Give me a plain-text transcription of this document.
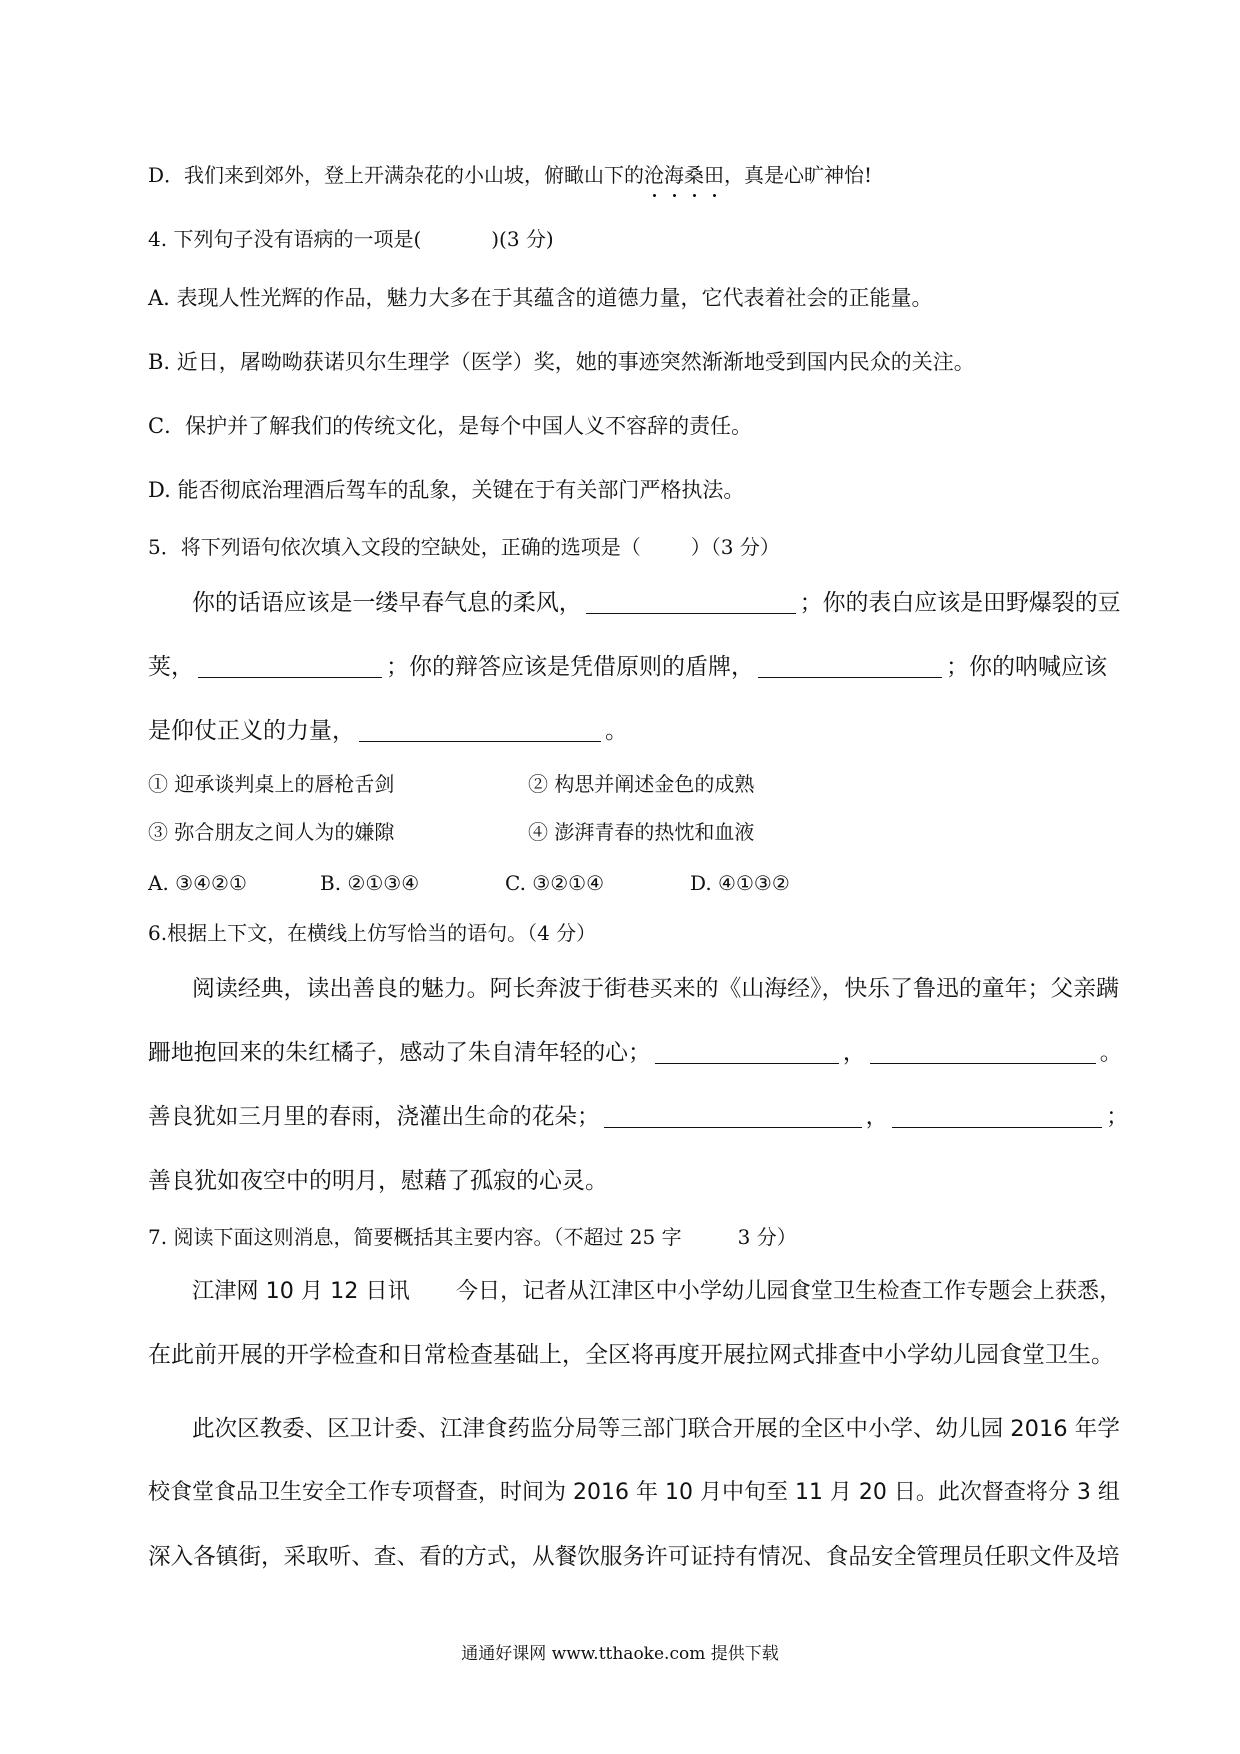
D．我们来到郊外，登上开满杂花的小山坡，俯瞰山下的沧海桑田，真是心旷神怡!
4. 下列句子没有语病的一项是(	)(3 分)
A. 表现人性光辉的作品，魅力大多在于其蕴含的道德力量，它代表着社会的正能量。
B. 近日，屠呦呦获诺贝尔生理学（医学）奖，她的事迹突然渐渐地受到国内民众的关注。
C．保护并了解我们的传统文化，是每个中国人义不容辞的责任。
D. 能否彻底治理酒后驾车的乱象，关键在于有关部门严格执法。
5．将下列语句依次填入文段的空缺处，正确的选项是（	）（3 分）
你的话语应该是一缕早春气息的柔风，	；你的表白应该是田野爆裂的豆
荚，	；你的辩答应该是凭借原则的盾牌，	；你的呐喊应该
是仰仗正义的力量，	。
① 迎承谈判桌上的唇枪舌剑	② 构思并阐述金色的成熟
③ 弥合朋友之间人为的嫌隙	④ 澎湃青春的热忱和血液
A. ③④②①	B. ②①③④	C. ③②①④	D. ④①③②
6.根据上下文，在横线上仿写恰当的语句。（4 分）
阅读经典，读出善良的魅力。阿长奔波于街巷买来的《山海经》，快乐了鲁迅的童年；父亲蹒
跚地抱回来的朱红橘子，感动了朱自清年轻的心；	，	。
善良犹如三月里的春雨，浇灌出生命的花朵；	，	；
善良犹如夜空中的明月，慰藉了孤寂的心灵。
7. 阅读下面这则消息，简要概括其主要内容。（不超过 25 字	3 分）
江津网 10 月 12 日讯 今日，记者从江津区中小学幼儿园食堂卫生检查工作专题会上获悉，
在此前开展的开学检查和日常检查基础上，全区将再度开展拉网式排查中小学幼儿园食堂卫生。
此次区教委、区卫计委、江津食药监分局等三部门联合开展的全区中小学、幼儿园 2016 年学
校食堂食品卫生安全工作专项督查，时间为 2016 年 10 月中旬至 11 月 20 日。此次督查将分 3 组
深入各镇街，采取听、查、看的方式，从餐饮服务许可证持有情况、食品安全管理员任职文件及培
通通好课网 www.tthaoke.com 提供下载
